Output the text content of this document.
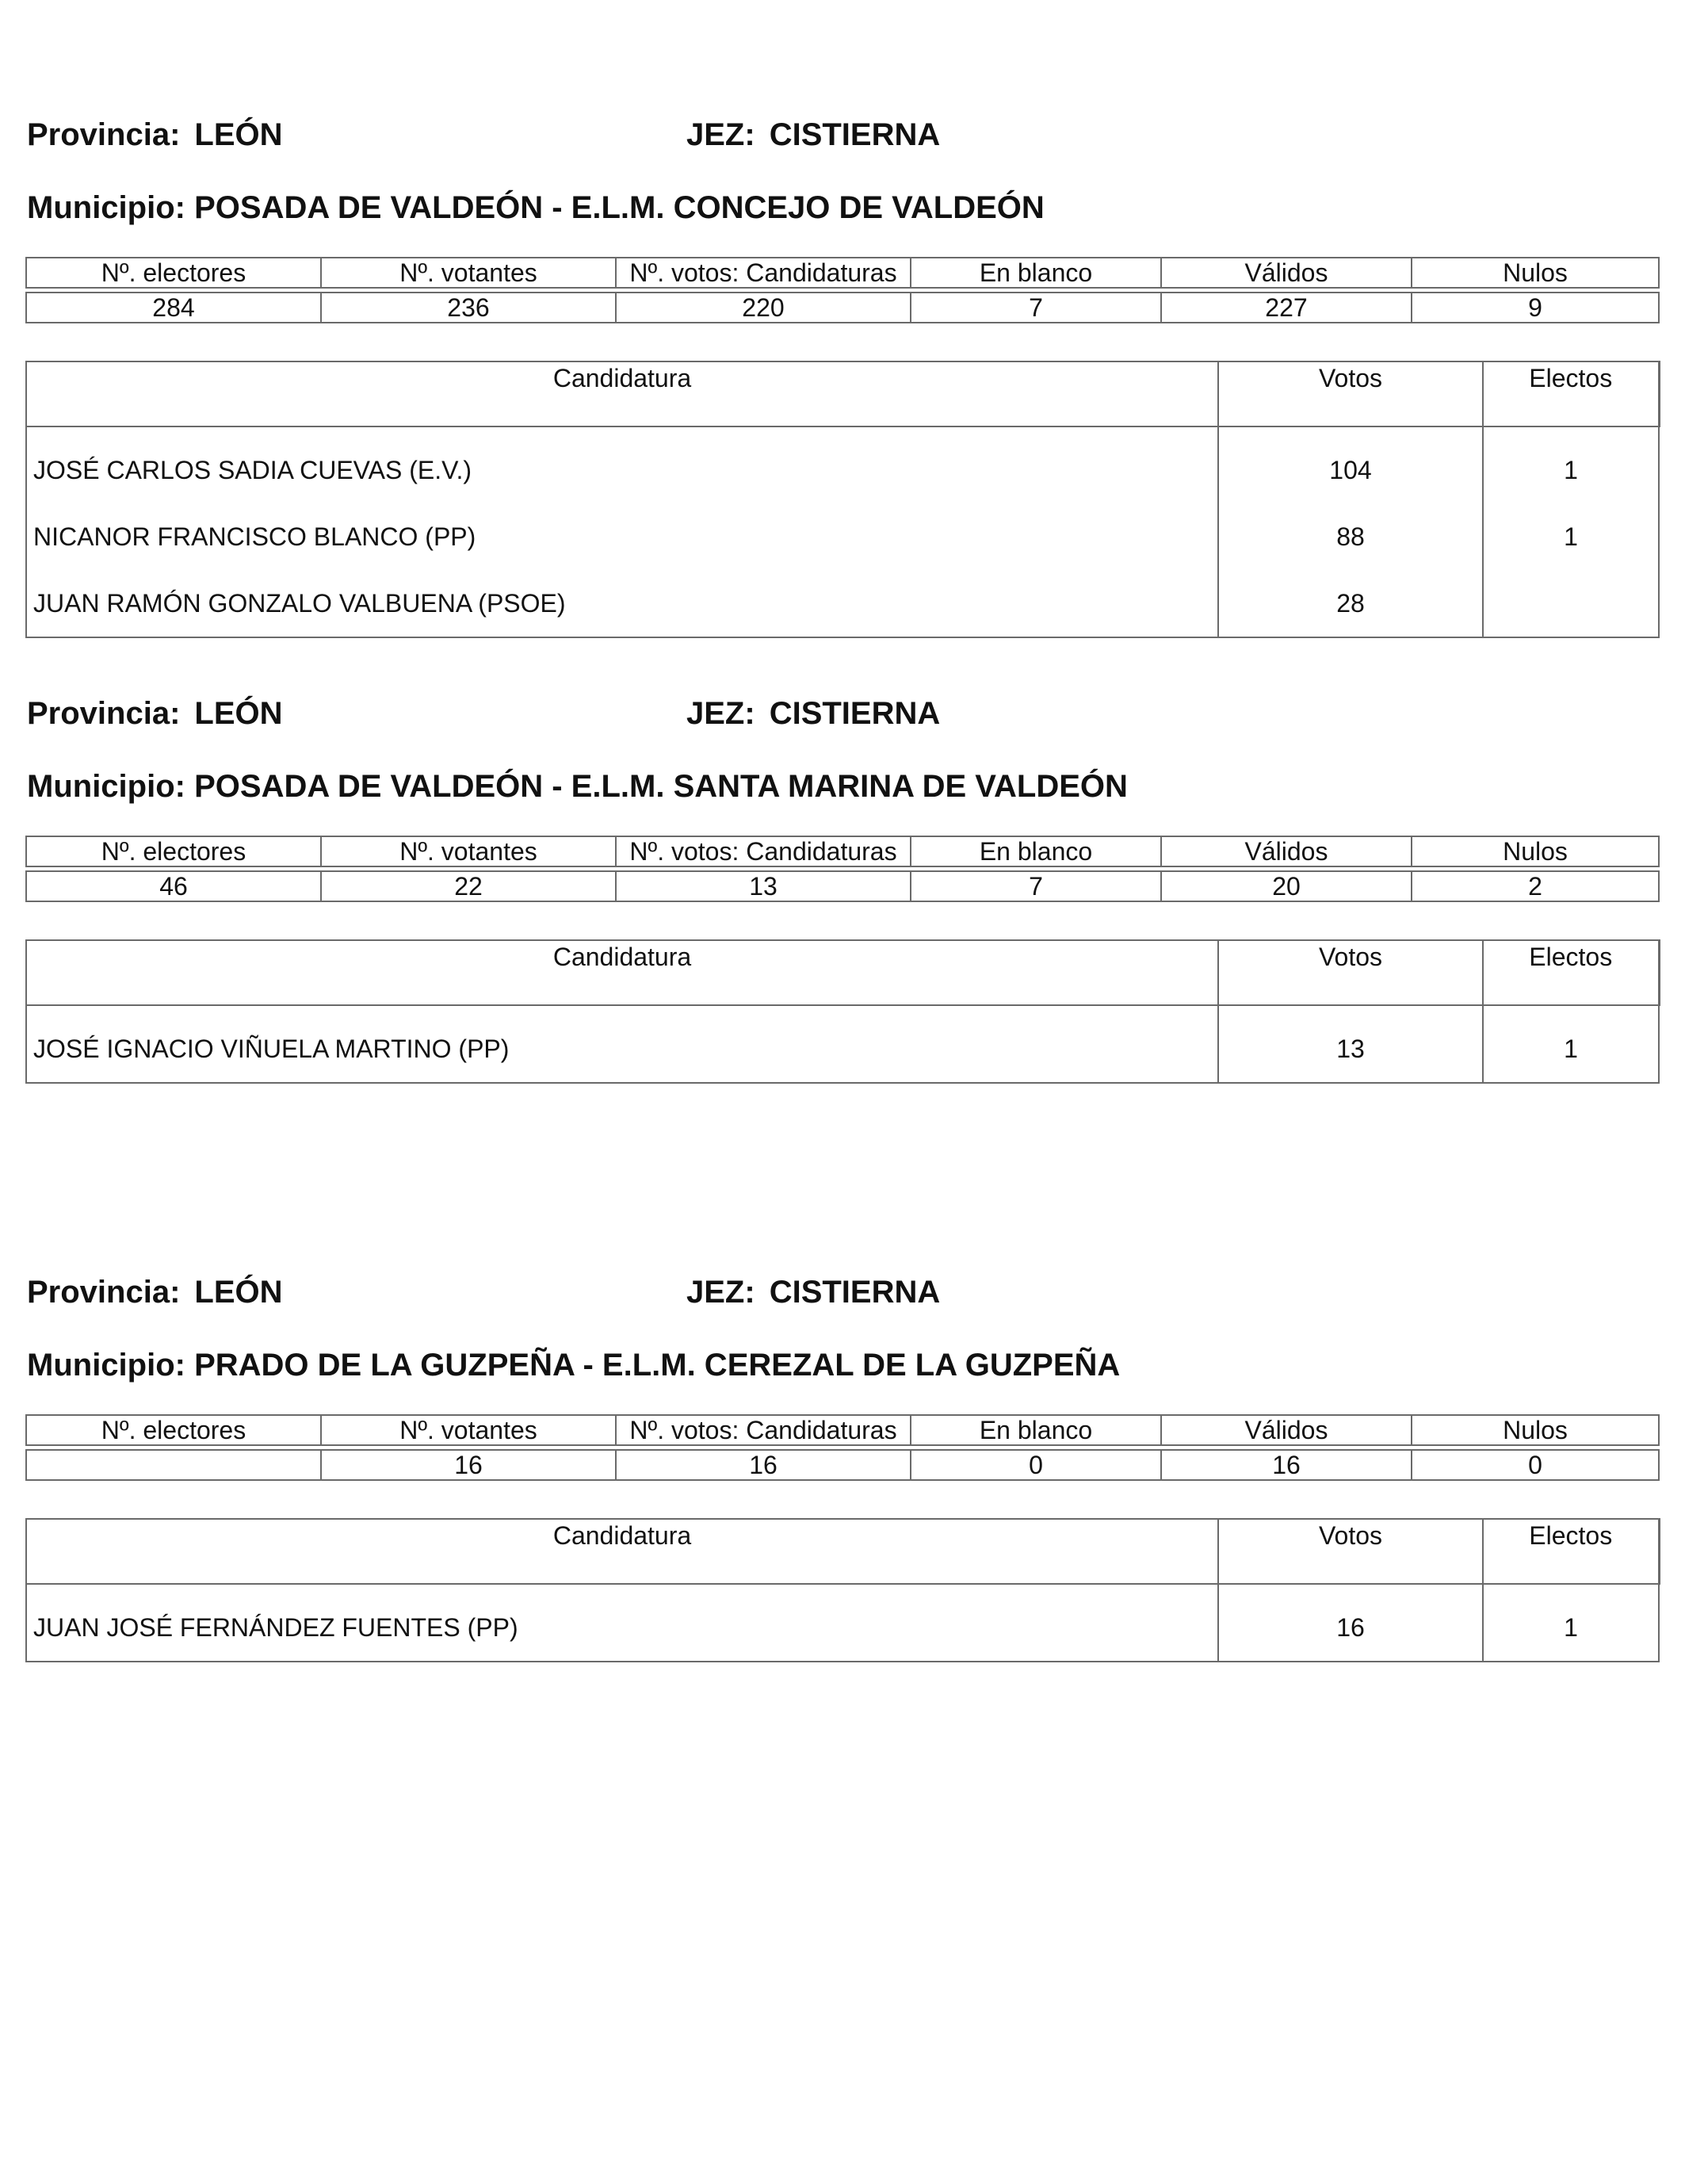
Provincia: LEÓN	JEZ: CISTIERNA
Municipio: POSADA DE VALDEÓN - E.L.M. CONCEJO DE VALDEÓN
Nº. electores	Nº. votantes	Nº. votos: Candidaturas	En blanco	Válidos	Nulos

284	236	220	7	227	9
Candidatura	Votos	Electos
JOSÉ CARLOS SADIA CUEVAS (E.V.)	104	1
NICANOR FRANCISCO BLANCO (PP)	88	1
JUAN RAMÓN GONZALO VALBUENA (PSOE)	28	
Provincia: LEÓN	JEZ: CISTIERNA
Municipio: POSADA DE VALDEÓN - E.L.M. SANTA MARINA DE VALDEÓN
Nº. electores	Nº. votantes	Nº. votos: Candidaturas	En blanco	Válidos	Nulos

46	22	13	7	20	2
Candidatura	Votos	Electos
JOSÉ IGNACIO VIÑUELA MARTINO (PP)	13	1
Provincia: LEÓN	JEZ: CISTIERNA
Municipio: PRADO DE LA GUZPEÑA - E.L.M. CEREZAL DE LA GUZPEÑA
Nº. electores	Nº. votantes	Nº. votos: Candidaturas	En blanco	Válidos	Nulos

	16	16	0	16	0
Candidatura	Votos	Electos
JUAN JOSÉ FERNÁNDEZ FUENTES (PP)	16	1
